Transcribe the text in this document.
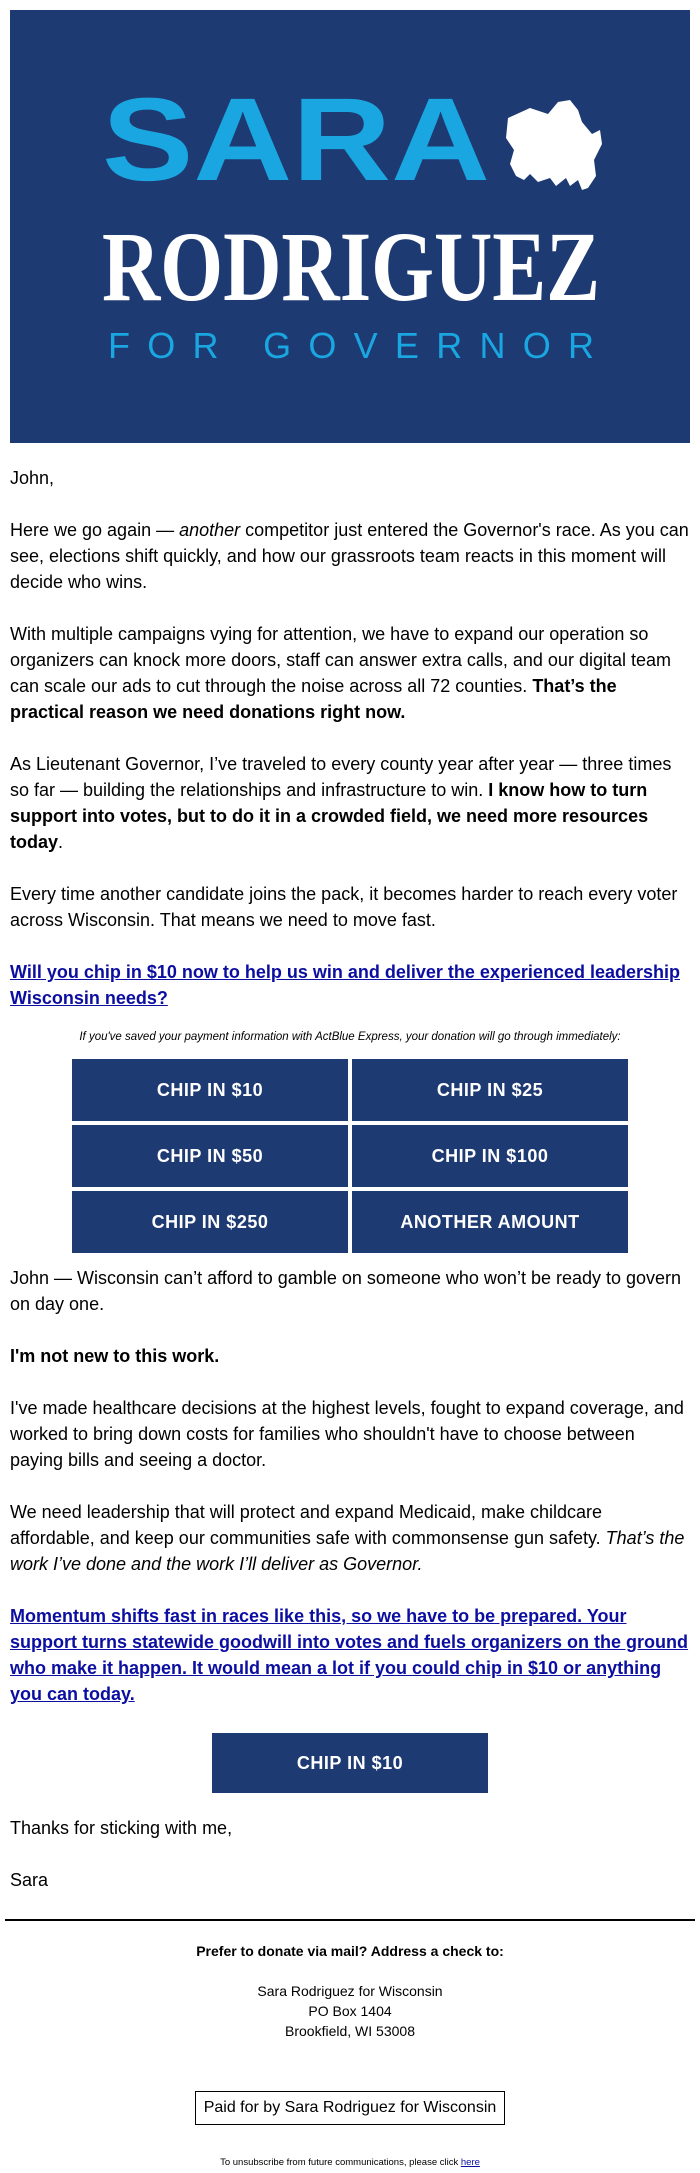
SARA
RODRIGUEZ
FOR GOVERNOR

John,

Here we go again — another competitor just entered the Governor's race. As you can see, elections shift quickly, and how our grassroots team reacts in this moment will decide who wins.

With multiple campaigns vying for attention, we have to expand our operation so organizers can knock more doors, staff can answer extra calls, and our digital team can scale our ads to cut through the noise across all 72 counties. That’s the practical reason we need donations right now.

As Lieutenant Governor, I’ve traveled to every county year after year — three times so far — building the relationships and infrastructure to win. I know how to turn support into votes, but to do it in a crowded field, we need more resources today.

Every time another candidate joins the pack, it becomes harder to reach every voter across Wisconsin. That means we need to move fast.

Will you chip in $10 now to help us win and deliver the experienced leadership Wisconsin needs?

If you've saved your payment information with ActBlue Express, your donation will go through immediately:
CHIP IN $10	CHIP IN $25
CHIP IN $50	CHIP IN $100
CHIP IN $250	ANOTHER AMOUNT

John — Wisconsin can’t afford to gamble on someone who won’t be ready to govern on day one.

I'm not new to this work.

I've made healthcare decisions at the highest levels, fought to expand coverage, and worked to bring down costs for families who shouldn't have to choose between paying bills and seeing a doctor.

We need leadership that will protect and expand Medicaid, make childcare affordable, and keep our communities safe with commonsense gun safety. That’s the work I’ve done and the work I’ll deliver as Governor.

Momentum shifts fast in races like this, so we have to be prepared. Your support turns statewide goodwill into votes and fuels organizers on the ground who make it happen. It would mean a lot if you could chip in $10 or anything you can today.

CHIP IN $10

Thanks for sticking with me,

Sara

Prefer to donate via mail? Address a check to:
Sara Rodriguez for Wisconsin
PO Box 1404
Brookfield, WI 53008
Paid for by Sara Rodriguez for Wisconsin
To unsubscribe from future communications, please click here
